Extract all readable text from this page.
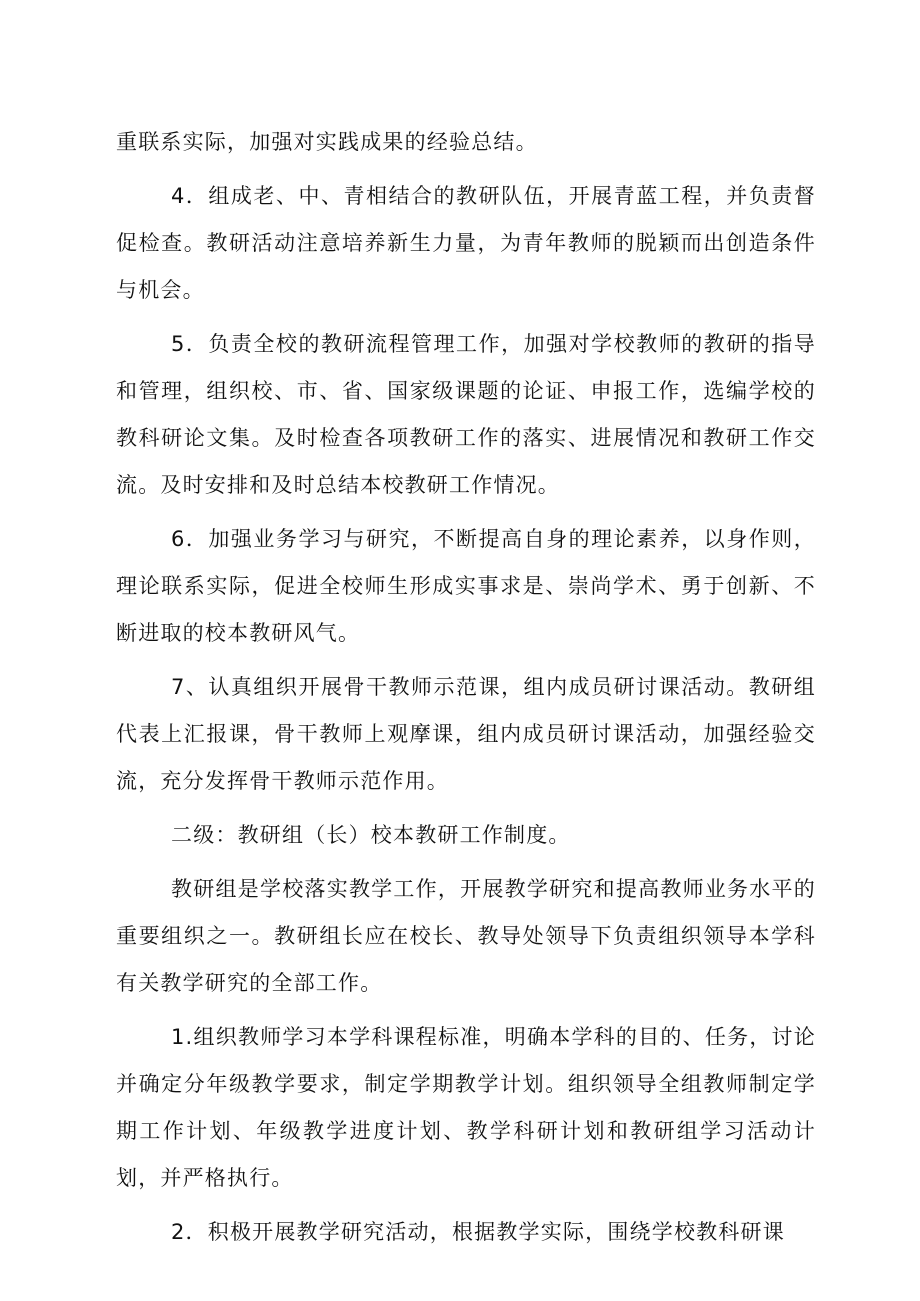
重联系实际，加强对实践成果的经验总结。

4．组成老、中、青相结合的教研队伍，开展青蓝工程，并负责督促检查。教研活动注意培养新生力量，为青年教师的脱颖而出创造条件与机会。

5．负责全校的教研流程管理工作，加强对学校教师的教研的指导和管理，组织校、市、省、国家级课题的论证、申报工作，选编学校的教科研论文集。及时检查各项教研工作的落实、进展情况和教研工作交流。及时安排和及时总结本校教研工作情况。

6．加强业务学习与研究，不断提高自身的理论素养，以身作则，理论联系实际，促进全校师生形成实事求是、崇尚学术、勇于创新、不断进取的校本教研风气。

7、认真组织开展骨干教师示范课，组内成员研讨课活动。教研组代表上汇报课，骨干教师上观摩课，组内成员研讨课活动，加强经验交流，充分发挥骨干教师示范作用。

二级：教研组（长）校本教研工作制度。

教研组是学校落实教学工作，开展教学研究和提高教师业务水平的重要组织之一。教研组长应在校长、教导处领导下负责组织领导本学科有关教学研究的全部工作。

1.组织教师学习本学科课程标准，明确本学科的目的、任务，讨论并确定分年级教学要求，制定学期教学计划。组织领导全组教师制定学期工作计划、年级教学进度计划、教学科研计划和教研组学习活动计划，并严格执行。

2．积极开展教学研究活动，根据教学实际，围绕学校教科研课
